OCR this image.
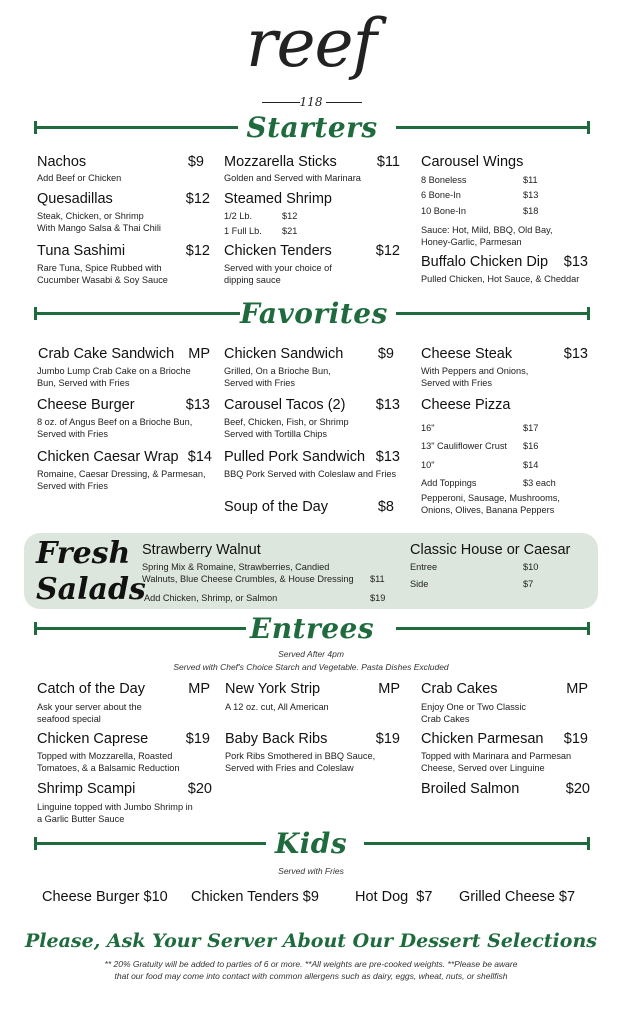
reef
118
Starters
Nachos	$9
Add Beef or Chicken
Quesadillas	$12
Steak, Chicken, or Shrimp
With Mango Salsa & Thai Chili
Tuna Sashimi	$12
Rare Tuna, Spice Rubbed with
Cucumber Wasabi & Soy Sauce
Mozzarella Sticks	$11
Golden and Served with Marinara
Steamed Shrimp
1/2 Lb.	$12
1 Full Lb. $21
Chicken Tenders	$12
Served with your choice of
dipping sauce
Carousel Wings
8 Boneless	$11
6 Bone-In	$13
10 Bone-In	$18
Sauce: Hot, Mild, BBQ, Old Bay,
Honey-Garlic, Parmesan
Buffalo Chicken Dip	$13
Pulled Chicken, Hot Sauce, & Cheddar
Favorites
Crab Cake Sandwich MP
Jumbo Lump Crab Cake on a Brioche
Bun, Served with Fries
Cheese Burger	$13
8 oz. of Angus Beef on a Brioche Bun,
Served with Fries
Chicken Caesar Wrap $14
Romaine, Caesar Dressing, & Parmesan,
Served with Fries
Chicken Sandwich	$9
Grilled, On a Brioche Bun,
Served with Fries
Carousel Tacos (2)	$13
Beef, Chicken, Fish, or Shrimp
Served with Tortilla Chips
Pulled Pork Sandwich $13
BBQ Pork Served with Coleslaw and Fries
Soup of the Day	$8
Cheese Steak	$13
With Peppers and Onions,
Served with Fries
Cheese Pizza
16"	$17
13" Cauliflower Crust $16
10"	$14
Add Toppings	$3 each
Pepperoni, Sausage, Mushrooms,
Onions, Olives, Banana Peppers
Fresh
Salads
Strawberry Walnut
Spring Mix & Romaine, Strawberries, Candied
Walnuts, Blue Cheese Crumbles, & House Dressing $11
Add Chicken, Shrimp, or Salmon	$19
Classic House or Caesar
Entree	$10
Side	$7
Entrees
Served After 4pm
Served with Chef's Choice Starch and Vegetable. Pasta Dishes Excluded
Catch of the Day	MP
Ask your server about the
seafood special
Chicken Caprese	$19
Topped with Mozzarella, Roasted
Tomatoes, & a Balsamic Reduction
Shrimp Scampi	$20
Linguine topped with Jumbo Shrimp in
a Garlic Butter Sauce
New York Strip	MP
A 12 oz. cut, All American
Baby Back Ribs	$19
Pork Ribs Smothered in BBQ Sauce,
Served with Fries and Coleslaw
Crab Cakes	MP
Enjoy One or Two Classic
Crab Cakes
Chicken Parmesan	$19
Topped with Marinara and Parmesan
Cheese, Served over Linguine
Broiled Salmon	$20
Kids
Served with Fries
Cheese Burger $10 Chicken Tenders $9 Hot Dog  $7 Grilled Cheese $7
Please, Ask Your Server About Our Dessert Selections
** 20% Gratuity will be added to parties of 6 or more. **All weights are pre-cooked weights. **Please be aware
that our food may come into contact with common allergens such as dairy, eggs, wheat, nuts, or shellfish
